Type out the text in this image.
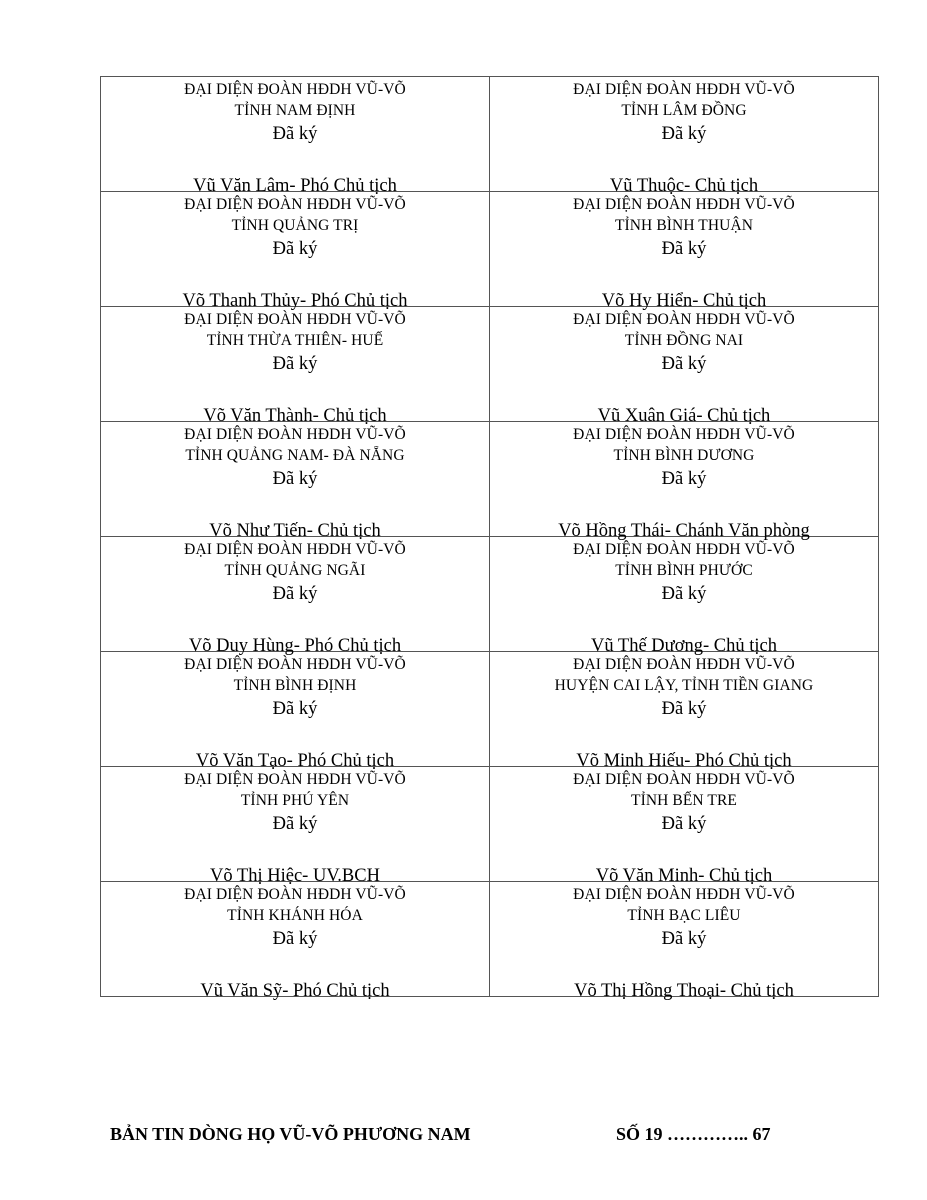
ĐẠI DIỆN ĐOÀN HĐDH VŨ-VÕ
TỈNH NAM ĐỊNH
Đã ký
Vũ Văn Lâm- Phó Chủ tịch	ĐẠI DIỆN ĐOÀN HĐDH VŨ-VÕ
TỈNH LÂM ĐỒNG
Đã ký
Vũ Thuộc- Chủ tịch

ĐẠI DIỆN ĐOÀN HĐDH VŨ-VÕ
TỈNH QUẢNG TRỊ
Đã ký
Võ Thanh Thủy- Phó Chủ tịch	ĐẠI DIỆN ĐOÀN HĐDH VŨ-VÕ
TỈNH BÌNH THUẬN
Đã ký
Võ Hy Hiển- Chủ tịch

ĐẠI DIỆN ĐOÀN HĐDH VŨ-VÕ
TỈNH THỪA THIÊN- HUẾ
Đã ký
Võ Văn Thành- Chủ tịch	ĐẠI DIỆN ĐOÀN HĐDH VŨ-VÕ
TỈNH ĐỒNG NAI
Đã ký
Vũ Xuân Giá- Chủ tịch

ĐẠI DIỆN ĐOÀN HĐDH VŨ-VÕ
TỈNH QUẢNG NAM- ĐÀ NẴNG
Đã ký
Võ Như Tiến- Chủ tịch	ĐẠI DIỆN ĐOÀN HĐDH VŨ-VÕ
TỈNH BÌNH DƯƠNG
Đã ký
Võ Hồng Thái- Chánh Văn phòng

ĐẠI DIỆN ĐOÀN HĐDH VŨ-VÕ
TỈNH QUẢNG NGÃI
Đã ký
Võ Duy Hùng- Phó Chủ tịch	ĐẠI DIỆN ĐOÀN HĐDH VŨ-VÕ
TỈNH BÌNH PHƯỚC
Đã ký
Vũ Thế Dương- Chủ tịch

ĐẠI DIỆN ĐOÀN HĐDH VŨ-VÕ
TỈNH BÌNH ĐỊNH
Đã ký
Võ Văn Tạo- Phó Chủ tịch	ĐẠI DIỆN ĐOÀN HĐDH VŨ-VÕ
HUYỆN CAI LẬY, TỈNH TIỀN GIANG
Đã ký
Võ Minh Hiếu- Phó Chủ tịch

ĐẠI DIỆN ĐOÀN HĐDH VŨ-VÕ
TỈNH PHÚ YÊN
Đã ký
Võ Thị Hiệc- UV.BCH	ĐẠI DIỆN ĐOÀN HĐDH VŨ-VÕ
TỈNH BẾN TRE
Đã ký
Võ Văn Minh- Chủ tịch

ĐẠI DIỆN ĐOÀN HĐDH VŨ-VÕ
TỈNH KHÁNH HÓA
Đã ký
Vũ Văn Sỹ- Phó Chủ tịch	ĐẠI DIỆN ĐOÀN HĐDH VŨ-VÕ
TỈNH BẠC LIÊU
Đã ký
Võ Thị Hồng Thoại- Chủ tịch
BẢN TIN DÒNG HỌ VŨ-VÕ PHƯƠNG NAM	SỐ 19 ………….. 67
